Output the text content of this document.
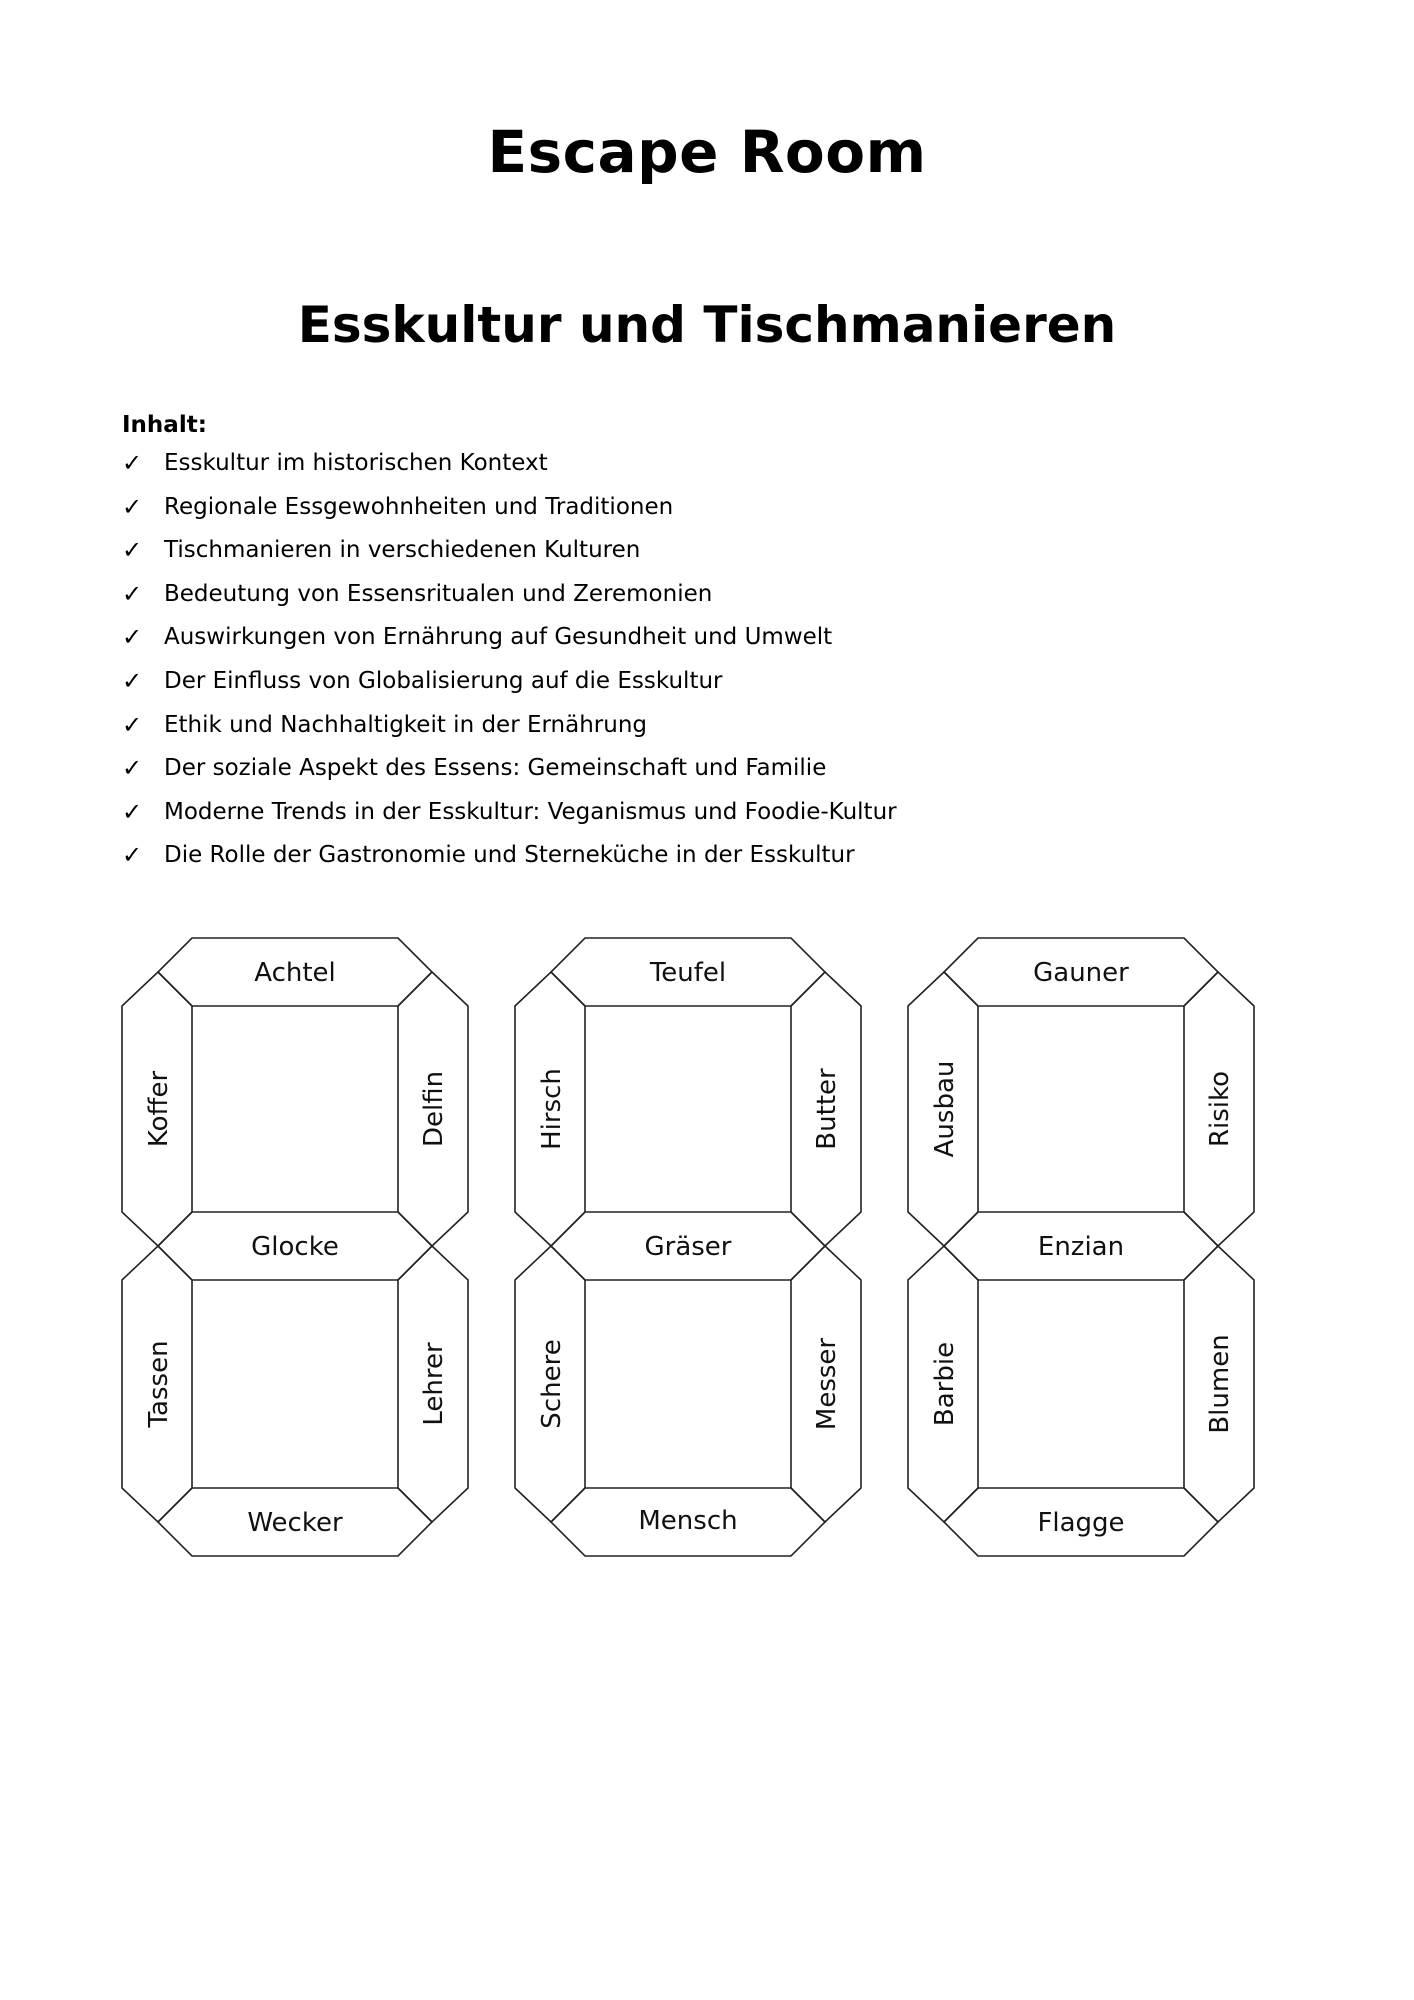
Escape Room
Esskultur und Tischmanieren
Inhalt:
✓ Esskultur im historischen Kontext
✓ Regionale Essgewohnheiten und Traditionen
✓ Tischmanieren in verschiedenen Kulturen
✓ Bedeutung von Essensritualen und Zeremonien
✓ Auswirkungen von Ernährung auf Gesundheit und Umwelt
✓ Der Einfluss von Globalisierung auf die Esskultur
✓ Ethik und Nachhaltigkeit in der Ernährung
✓ Der soziale Aspekt des Essens: Gemeinschaft und Familie
✓ Moderne Trends in der Esskultur: Veganismus und Foodie-Kultur
✓ Die Rolle der Gastronomie und Sterneküche in der Esskultur
Achtel
Koffer	Delfin
Glocke
Tassen	Lehrer
Wecker
Teufel
Hirsch	Butter
Gräser
Schere	Messer
Mensch
Gauner
Ausbau	Risiko
Enzian
Barbie	Blumen
Flagge
